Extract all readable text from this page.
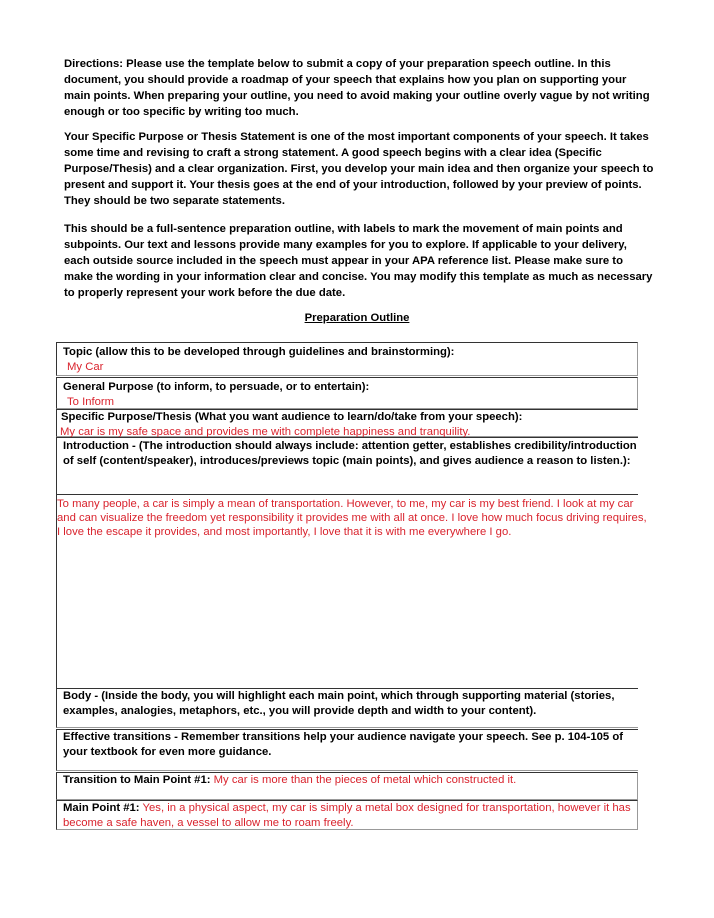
Directions: Please use the template below to submit a copy of your preparation speech outline. In this document, you should provide a roadmap of your speech that explains how you plan on supporting your main points. When preparing your outline, you need to avoid making your outline overly vague by not writing enough or too specific by writing too much.

Your Specific Purpose or Thesis Statement is one of the most important components of your speech. It takes some time and revising to craft a strong statement. A good speech begins with a clear idea (Specific Purpose/Thesis) and a clear organization. First, you develop your main idea and then organize your speech to present and support it. Your thesis goes at the end of your introduction, followed by your preview of points. They should be two separate statements.

This should be a full-sentence preparation outline, with labels to mark the movement of main points and subpoints. Our text and lessons provide many examples for you to explore. If applicable to your delivery, each outside source included in the speech must appear in your APA reference list. Please make sure to make the wording in your information clear and concise. You may modify this template as much as necessary to properly represent your work before the due date.

Preparation Outline
Topic (allow this to be developed through guidelines and brainstorming):
My Car
General Purpose (to inform, to persuade, or to entertain):
To Inform
Specific Purpose/Thesis (What you want audience to learn/do/take from your speech):
My car is my safe space and provides me with complete happiness and tranquility.
Introduction - (The introduction should always include: attention getter, establishes credibility/introduction of self (content/speaker), introduces/previews topic (main points), and gives audience a reason to listen.):
To many people, a car is simply a mean of transportation. However, to me, my car is my best friend. I look at my car and can visualize the freedom yet responsibility it provides me with all at once. I love how much focus driving requires, I love the escape it provides, and most importantly, I love that it is with me everywhere I go.
Body - (Inside the body, you will highlight each main point, which through supporting material (stories, examples, analogies, metaphors, etc., you will provide depth and width to your content).
Effective transitions - Remember transitions help your audience navigate your speech. See p. 104-105 of your textbook for even more guidance.
Transition to Main Point #1: My car is more than the pieces of metal which constructed it.
Main Point #1: Yes, in a physical aspect, my car is simply a metal box designed for transportation, however it has become a safe haven, a vessel to allow me to roam freely.
